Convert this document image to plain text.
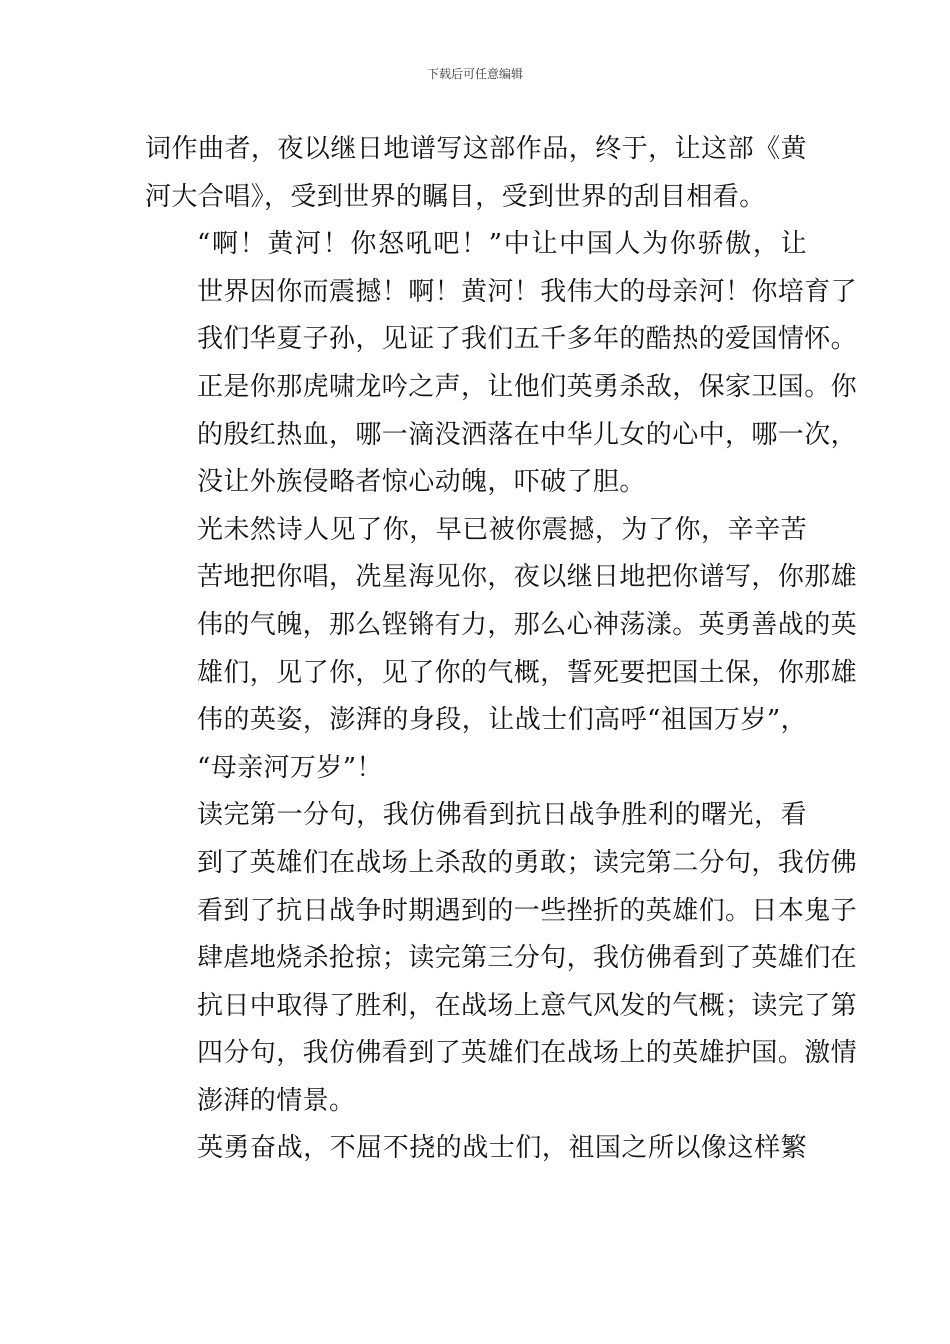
下载后可任意编辑

词作曲者，夜以继日地谱写这部作品，终于，让这部《黄
河大合唱》，受到世界的瞩目，受到世界的刮目相看。

“啊！黄河！你怒吼吧！”中让中国人为你骄傲，让
世界因你而震撼！啊！黄河！我伟大的母亲河！你培育了
我们华夏子孙，见证了我们五千多年的酷热的爱国情怀。
正是你那虎啸龙吟之声，让他们英勇杀敌，保家卫国。你
的殷红热血，哪一滴没洒落在中华儿女的心中，哪一次，
没让外族侵略者惊心动魄，吓破了胆。

光未然诗人见了你，早已被你震撼，为了你，辛辛苦
苦地把你唱，冼星海见你，夜以继日地把你谱写，你那雄
伟的气魄，那么铿锵有力，那么心神荡漾。英勇善战的英
雄们，见了你，见了你的气概，誓死要把国土保，你那雄
伟的英姿，澎湃的身段，让战士们高呼“祖国万岁”，
“母亲河万岁”！

读完第一分句，我仿佛看到抗日战争胜利的曙光，看
到了英雄们在战场上杀敌的勇敢；读完第二分句，我仿佛
看到了抗日战争时期遇到的一些挫折的英雄们。日本鬼子
肆虐地烧杀抢掠；读完第三分句，我仿佛看到了英雄们在
抗日中取得了胜利，在战场上意气风发的气概；读完了第
四分句，我仿佛看到了英雄们在战场上的英雄护国。激情
澎湃的情景。

英勇奋战，不屈不挠的战士们，祖国之所以像这样繁
